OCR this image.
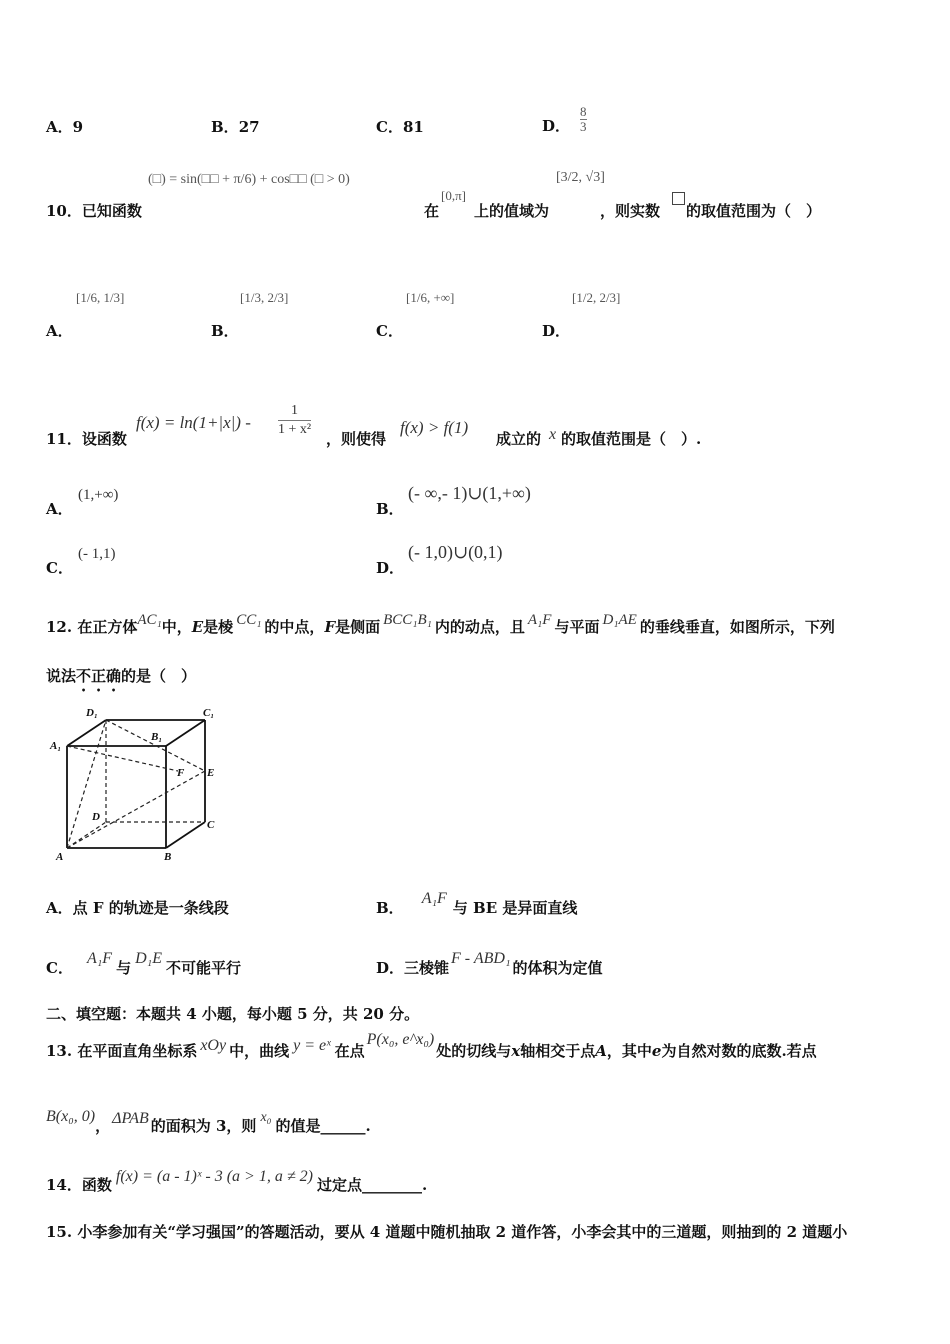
A．9	B．27	C．81	D． $\frac{8}{3}$
(□) = sin(□□ + π/6) + cos□□ (□ > 0)
10．已知函数	在
[0,π]
上的值域为
[3/2, √3]
，则实数 的取值范围为（　）
A．
[1/6, 1/3]
B．
[1/3, 2/3]
C．
[1/6, +∞]
D．
[1/2, 2/3]
11．设函数
$f(x) = \ln(1+|x|) - \frac{1}{\text{1 + x²}}$ ，则使得
f(x) > f(1)
成立的 x 的取值范围是（　）.
A．
(1,+∞)
B．
(- ∞,- 1)∪(1,+∞)
C．
(- 1,1)
D．
(- 1,0)∪(0,1)
12. 在正方体AC₁中，E是棱 CC₁ 的中点，F是侧面 BCC₁B₁ 内的动点，且 A₁F 与平面 D₁AE 的垂线垂直，如图所示，下列
说法不正确的是（　）
D₁	C₁
A₁
B₁
F E
D
C
A	B
A．点 F 的轨迹是一条线段	B．A₁F与 BE 是异面直线
C．A₁F与D₁E不可能平行	D．三棱锥F - ABD₁的体积为定值
二、填空题：本题共 4 小题，每小题 5 分，共 20 分。
13. 在平面直角坐标系 xOy 中，曲线 y = eˣ 在点P(x₀, e^x₀)处的切线与x轴相交于点A，其中e为自然对数的底数.若点
B(x₀, 0)， ΔPAB 的面积为 3，则 x₀ 的值是______.
14．函数 f(x) = (a - 1)ˣ - 3 (a > 1, a ≠ 2) 过定点________.
15. 小李参加有关“学习强国”的答题活动，要从 4 道题中随机抽取 2 道作答，小李会其中的三道题，则抽到的 2 道题小
